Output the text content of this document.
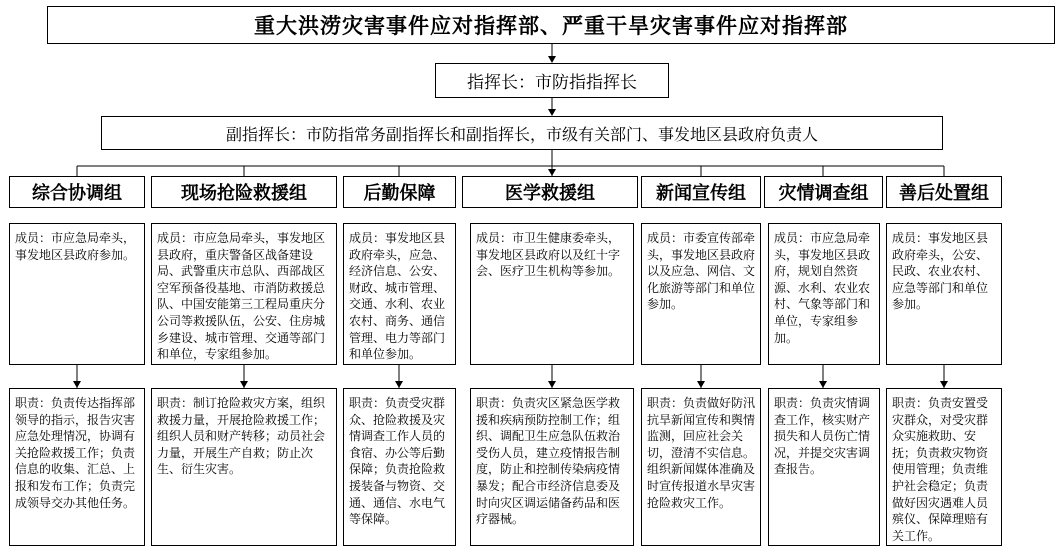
重大洪涝灾害事件应对指挥部、严重干旱灾害事件应对指挥部
指挥长：市防指指挥长
副指挥长：市防指常务副指挥长和副指挥长，市级有关部门、事发地区县政府负责人
综合协调组	现场抢险救援组	后勤保障	医学救援组	新闻宣传组	灾情调查组	善后处置组
成员：市应急局牵头，事发地区县政府参加。
成员：市应急局牵头，事发地区县政府，重庆警备区战备建设局、武警重庆市总队、西部战区空军预备役基地、市消防救援总队、中国安能第三工程局重庆分公司等救援队伍，公安、住房城乡建设、城市管理、交通等部门和单位，专家组参加。
成员：事发地区县政府牵头，应急、经济信息、公安、财政、城市管理、交通、水利、农业农村、商务、通信管理、电力等部门和单位参加。
成员：市卫生健康委牵头，事发地区县政府以及红十字会、医疗卫生机构等参加。
成员：市委宣传部牵头，事发地区县政府以及应急、网信、文化旅游等部门和单位参加。
成员：市应急局牵头，事发地区县政府，规划自然资源、水利、农业农村、气象等部门和单位，专家组参加。
成员：事发地区县政府牵头，公安、民政、农业农村、应急等部门和单位参加。
职责：负责传达指挥部领导的指示，报告灾害应急处理情况，协调有关抢险救援工作；负责信息的收集、汇总、上报和发布工作；负责完成领导交办其他任务。
职责：制订抢险救灾方案，组织救援力量，开展抢险救援工作；组织人员和财产转移；动员社会力量，开展生产自救；防止次生、衍生灾害。
职责：负责受灾群众、抢险救援及灾情调查工作人员的食宿、办公等后勤保障；负责抢险救援装备与物资、交通、通信、水电气等保障。
职责：负责灾区紧急医学救援和疾病预防控制工作；组织、调配卫生应急队伍救治受伤人员，建立疫情报告制度，防止和控制传染病疫情暴发；配合市经济信息委及时向灾区调运储备药品和医疗器械。
职责：负责做好防汛抗旱新闻宣传和舆情监测，回应社会关切，澄清不实信息。组织新闻媒体准确及时宣传报道水旱灾害抢险救灾工作。
职责：负责灾情调查工作，核实财产损失和人员伤亡情况，并提交灾害调查报告。
职责：负责安置受灾群众，对受灾群众实施救助、安抚；负责救灾物资使用管理；负责维护社会稳定；负责做好因灾遇难人员殡仪、保障理赔有关工作。
